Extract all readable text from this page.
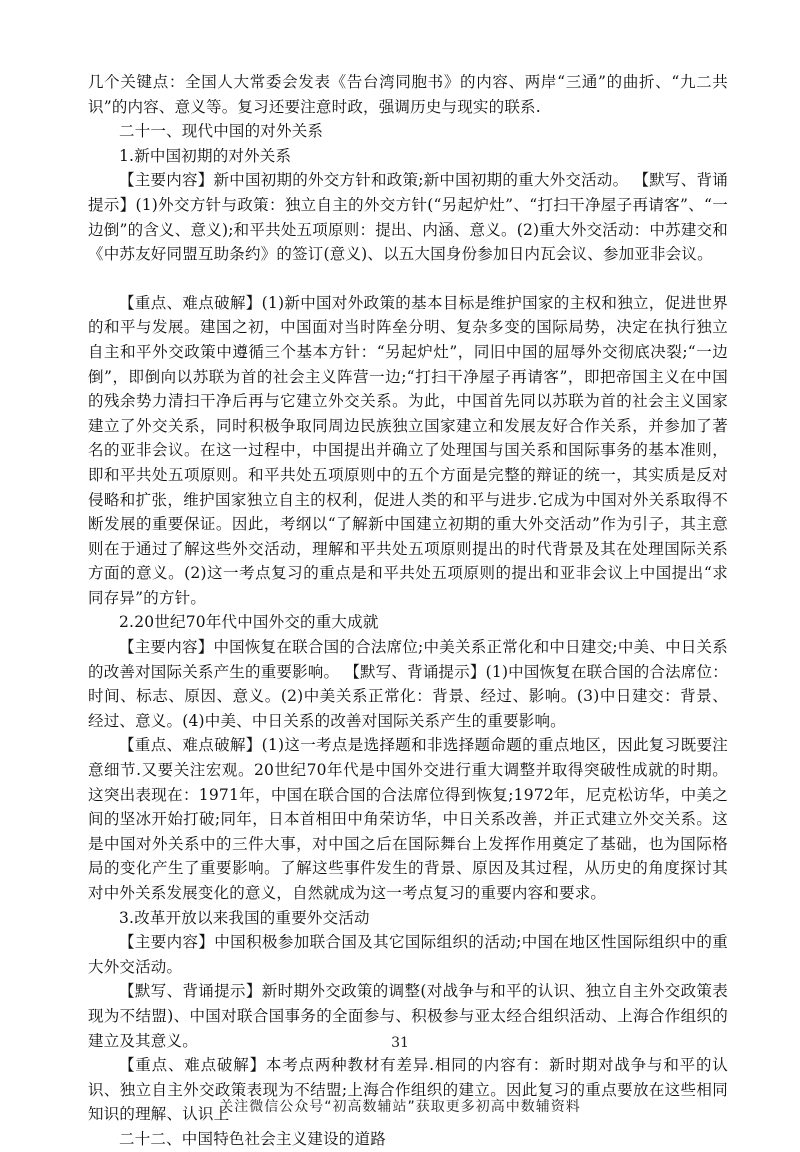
几个关键点：全国人大常委会发表《告台湾同胞书》的内容、两岸“三通”的曲折、“九二共识”的内容、意义等。复习还要注意时政，强调历史与现实的联系.

二十一、现代中国的对外关系

1.新中国初期的对外关系

【主要内容】新中国初期的外交方针和政策;新中国初期的重大外交活动。 【默写、背诵提示】(1)外交方针与政策：独立自主的外交方针(“另起炉灶”、“打扫干净屋子再请客”、“一边倒”的含义、意义);和平共处五项原则：提出、内涵、意义。(2)重大外交活动：中苏建交和《中苏友好同盟互助条约》的签订(意义)、以五大国身份参加日内瓦会议、参加亚非会议。

【重点、难点破解】(1)新中国对外政策的基本目标是维护国家的主权和独立，促进世界的和平与发展。建国之初，中国面对当时阵垒分明、复杂多变的国际局势，决定在执行独立自主和平外交政策中遵循三个基本方针：“另起炉灶”，同旧中国的屈辱外交彻底决裂;“一边倒”，即倒向以苏联为首的社会主义阵营一边;“打扫干净屋子再请客”，即把帝国主义在中国的残余势力清扫干净后再与它建立外交关系。为此，中国首先同以苏联为首的社会主义国家建立了外交关系，同时积极争取同周边民族独立国家建立和发展友好合作关系，并参加了著名的亚非会议。在这一过程中，中国提出并确立了处理国与国关系和国际事务的基本准则，即和平共处五项原则。和平共处五项原则中的五个方面是完整的辩证的统一，其实质是反对侵略和扩张，维护国家独立自主的权利，促进人类的和平与进步.它成为中国对外关系取得不断发展的重要保证。因此，考纲以“了解新中国建立初期的重大外交活动”作为引子，其主意则在于通过了解这些外交活动，理解和平共处五项原则提出的时代背景及其在处理国际关系方面的意义。(2)这一考点复习的重点是和平共处五项原则的提出和亚非会议上中国提出“求同存异”的方针。

2.20世纪70年代中国外交的重大成就

【主要内容】中国恢复在联合国的合法席位;中美关系正常化和中日建交;中美、中日关系的改善对国际关系产生的重要影响。 【默写、背诵提示】(1)中国恢复在联合国的合法席位：时间、标志、原因、意义。(2)中美关系正常化：背景、经过、影响。(3)中日建交：背景、经过、意义。(4)中美、中日关系的改善对国际关系产生的重要影响。

【重点、难点破解】(1)这一考点是选择题和非选择题命题的重点地区，因此复习既要注意细节.又要关注宏观。20世纪70年代是中国外交进行重大调整并取得突破性成就的时期。这突出表现在：1971年，中国在联合国的合法席位得到恢复;1972年，尼克松访华，中美之间的坚冰开始打破;同年，日本首相田中角荣访华，中日关系改善，并正式建立外交关系。这是中国对外关系中的三件大事，对中国之后在国际舞台上发挥作用奠定了基础，也为国际格局的变化产生了重要影响。了解这些事件发生的背景、原因及其过程，从历史的角度探讨其对中外关系发展变化的意义，自然就成为这一考点复习的重要内容和要求。

3.改革开放以来我国的重要外交活动

【主要内容】中国积极参加联合国及其它国际组织的活动;中国在地区性国际组织中的重大外交活动。

【默写、背诵提示】新时期外交政策的调整(对战争与和平的认识、独立自主外交政策表现为不结盟)、中国对联合国事务的全面参与、积极参与亚太经合组织活动、上海合作组织的建立及其意义。

【重点、难点破解】本考点两种教材有差异.相同的内容有：新时期对战争与和平的认识、独立自主外交政策表现为不结盟;上海合作组织的建立。因此复习的重点要放在这些相同知识的理解、认识上

二十二、中国特色社会主义建设的道路

31
关注微信公众号“初高数辅站”获取更多初高中数辅资料
